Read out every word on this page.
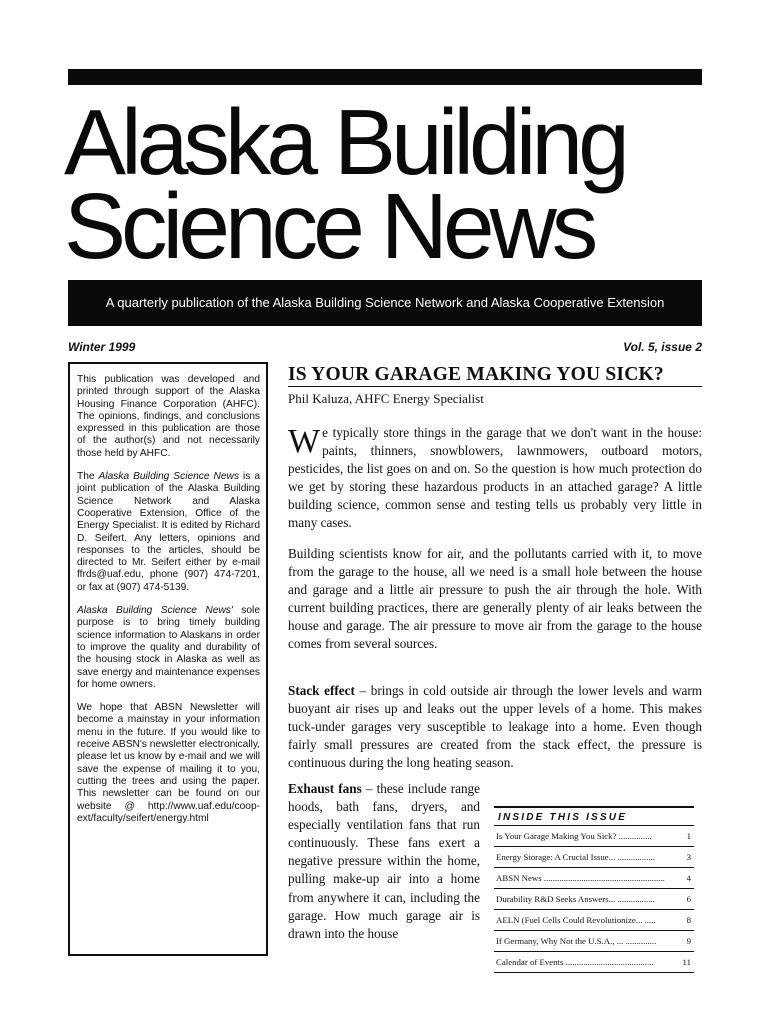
Alaska Building
Science News
A quarterly publication of the Alaska Building Science Network and Alaska Cooperative Extension
Winter 1999	Vol. 5, issue 2

This publication was developed and printed through support of the Alaska Housing Finance Corporation (AHFC). The opinions, findings, and conclusions expressed in this publication are those of the author(s) and not necessarily those held by AHFC.

The Alaska Building Science News is a joint publication of the Alaska Building Science Network and Alaska Cooperative Extension, Office of the Energy Specialist. It is edited by Richard D. Seifert. Any letters, opinions and responses to the articles, should be directed to Mr. Seifert either by e-mail ffrds@uaf.edu, phone (907) 474-7201, or fax at (907) 474-5139.

Alaska Building Science News' sole purpose is to bring timely building science information to Alaskans in order to improve the quality and durability of the housing stock in Alaska as well as save energy and maintenance expenses for home owners.

We hope that ABSN Newsletter will become a mainstay in your information menu in the future. If you would like to receive ABSN's newsletter electronically, please let us know by e-mail and we will save the expense of mailing it to you, cutting the trees and using the paper. This newsletter can be found on our website @ http://www.uaf.edu/coop-ext/faculty/seifert/energy.html

IS YOUR GARAGE MAKING YOU SICK?
Phil Kaluza, AHFC Energy Specialist
We typically store things in the garage that we don't want in the house: paints, thinners, snowblowers, lawnmowers, outboard motors, pesticides, the list goes on and on. So the question is how much protection do we get by storing these hazardous products in an attached garage? A little building science, common sense and testing tells us probably very little in many cases.
Building scientists know for air, and the pollutants carried with it, to move from the garage to the house, all we need is a small hole between the house and garage and a little air pressure to push the air through the hole. With current building practices, there are generally plenty of air leaks between the house and garage. The air pressure to move air from the garage to the house comes from several sources.
Stack effect – brings in cold outside air through the lower levels and warm buoyant air rises up and leaks out the upper levels of a home. This makes tuck-under garages very susceptible to leakage into a home. Even though fairly small pressures are created from the stack effect, the pressure is continuous during the long heating season.
Exhaust fans – these include range hoods, bath fans, dryers, and especially ventilation fans that run continuously. These fans exert a negative pressure within the home, pulling make-up air into a home from anywhere it can, including the garage. How much garage air is drawn into the house
INSIDE THIS ISSUE
Is Your Garage Making You Sick? ...............	1
Energy Storage: A Crucial Issue... .................	3
ABSN News ....................................................... 4
Durability R&D Seeks Answers... .................	6
AELN (Fuel Cells Could Revolutionize... .....	8
If Germany, Why Not the U.S.A., ... ..............	9
Calendar of Events ........................................	11
